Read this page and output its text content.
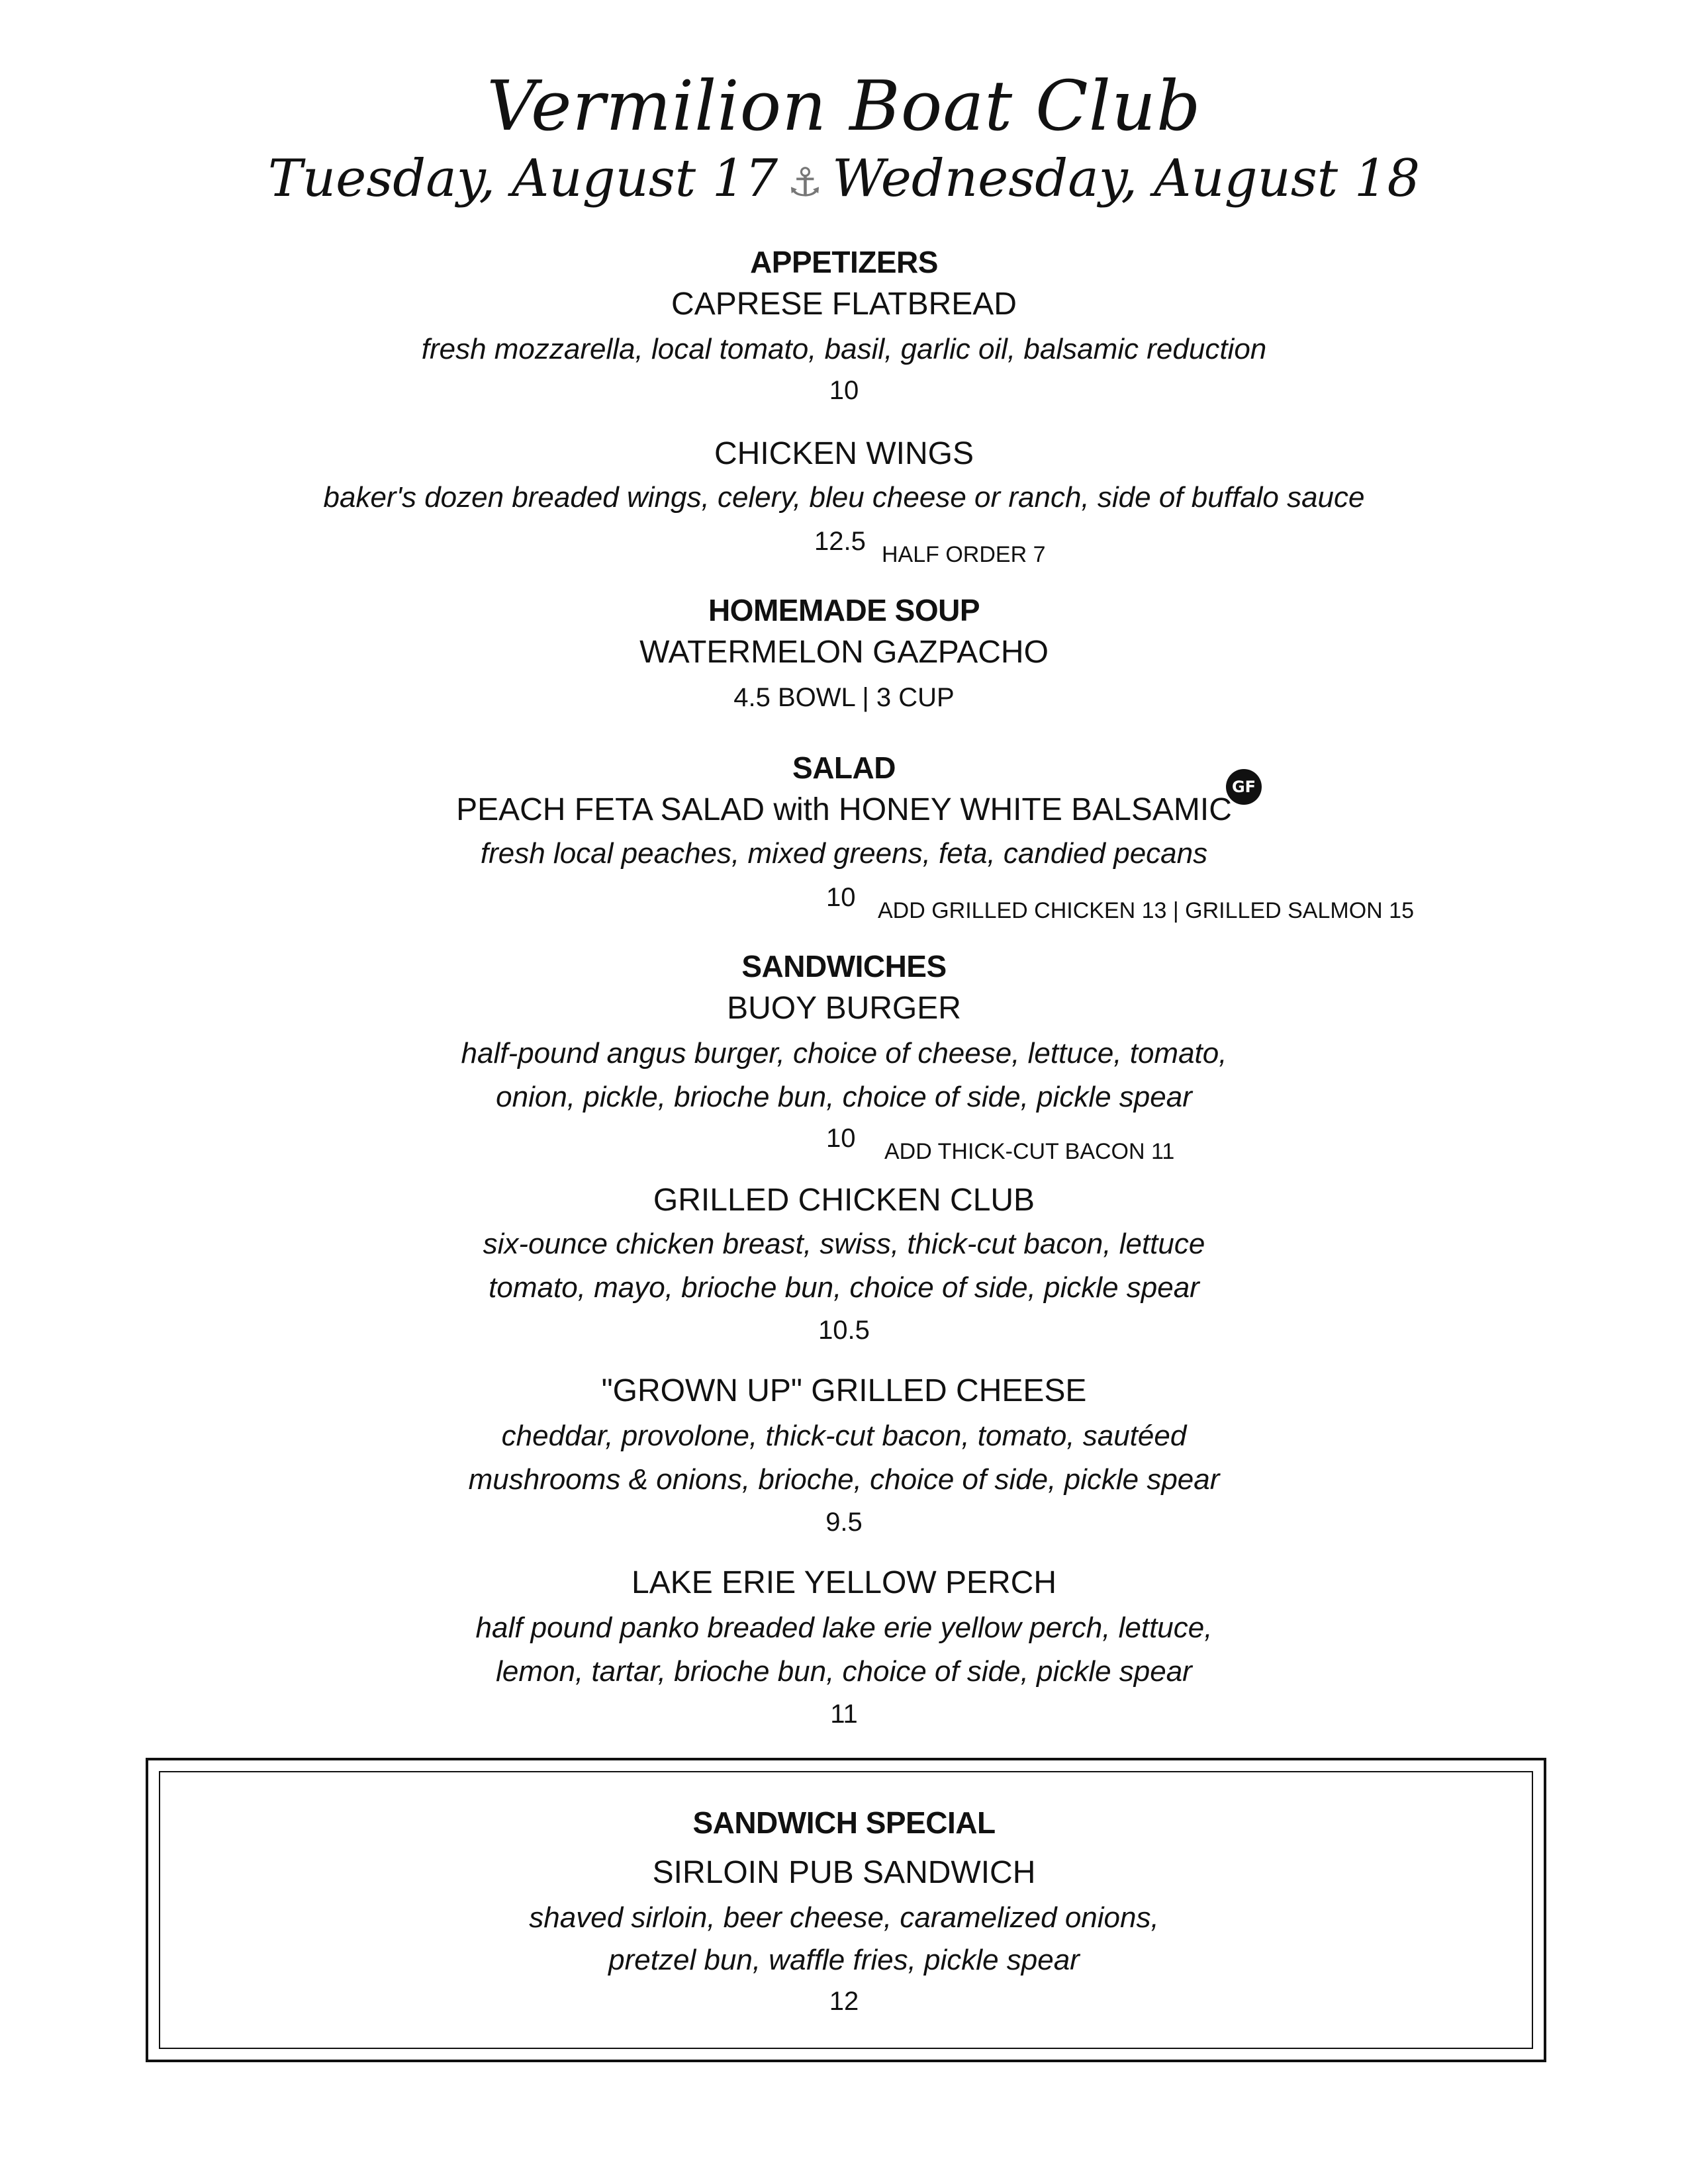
Vermilion Boat Club
Tuesday, August 17 ⚓ Wednesday, August 18
APPETIZERS
CAPRESE FLATBREAD
fresh mozzarella, local tomato, basil, garlic oil, balsamic reduction
10
CHICKEN WINGS
baker's dozen breaded wings, celery, bleu cheese or ranch, side of buffalo sauce
12.5 HALF ORDER 7
HOMEMADE SOUP
WATERMELON GAZPACHO
4.5 BOWL | 3 CUP
SALAD
GF
PEACH FETA SALAD with HONEY WHITE BALSAMIC
fresh local peaches, mixed greens, feta, candied pecans
10 ADD GRILLED CHICKEN 13 | GRILLED SALMON 15
SANDWICHES
BUOY BURGER
half-pound angus burger, choice of cheese, lettuce, tomato,
onion, pickle, brioche bun, choice of side, pickle spear
10 ADD THICK-CUT BACON 11
GRILLED CHICKEN CLUB
six-ounce chicken breast, swiss, thick-cut bacon, lettuce
tomato, mayo, brioche bun, choice of side, pickle spear
10.5
"GROWN UP" GRILLED CHEESE
cheddar, provolone, thick-cut bacon, tomato, sautéed
mushrooms & onions, brioche, choice of side, pickle spear
9.5
LAKE ERIE YELLOW PERCH
half pound panko breaded lake erie yellow perch, lettuce,
lemon, tartar, brioche bun, choice of side, pickle spear
11
SANDWICH SPECIAL
SIRLOIN PUB SANDWICH
shaved sirloin, beer cheese, caramelized onions,
pretzel bun, waffle fries, pickle spear
12
